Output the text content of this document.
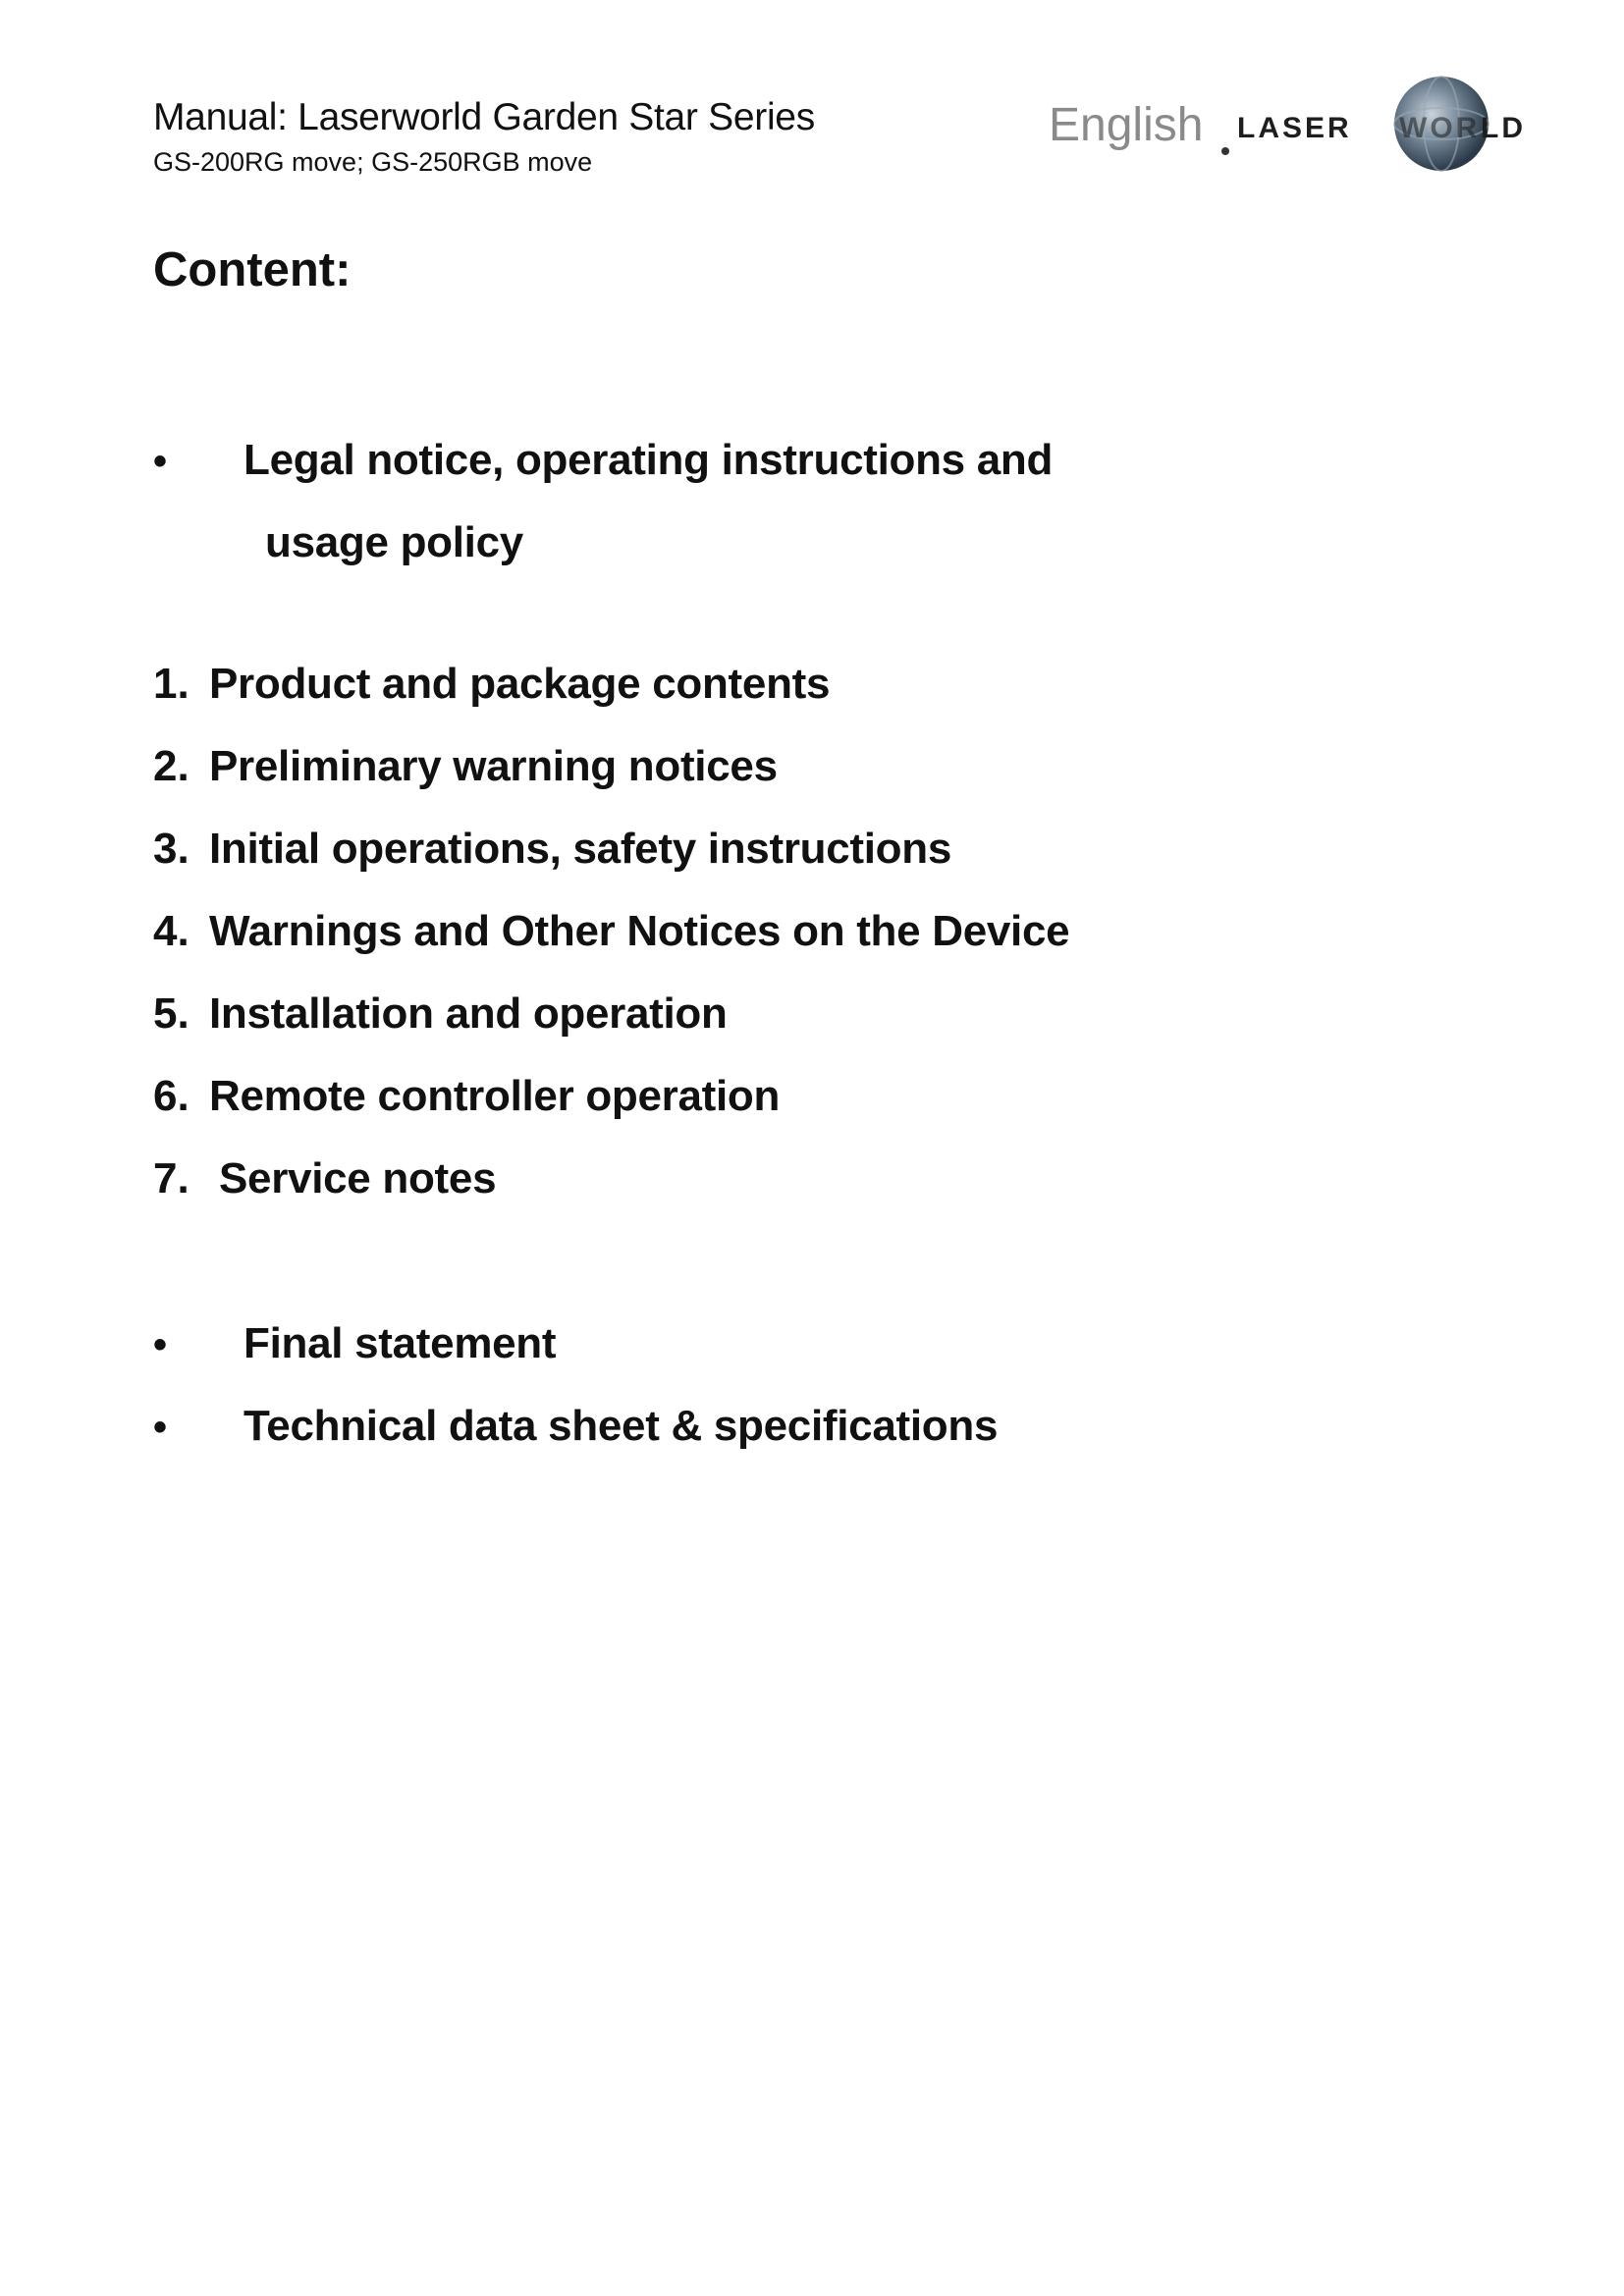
Manual: Laserworld Garden Star Series
GS-200RG move; GS-250RGB move
English LASER WOR LD
Content:
• Legal notice, operating instructions and
usage policy
1. Product and package contents
2. Preliminary warning notices
3. Initial operations, safety instructions
4. Warnings and Other Notices on the Device
5. Installation and operation
6. Remote controller operation
7. Service notes
• Final statement
• Technical data sheet & specifications
